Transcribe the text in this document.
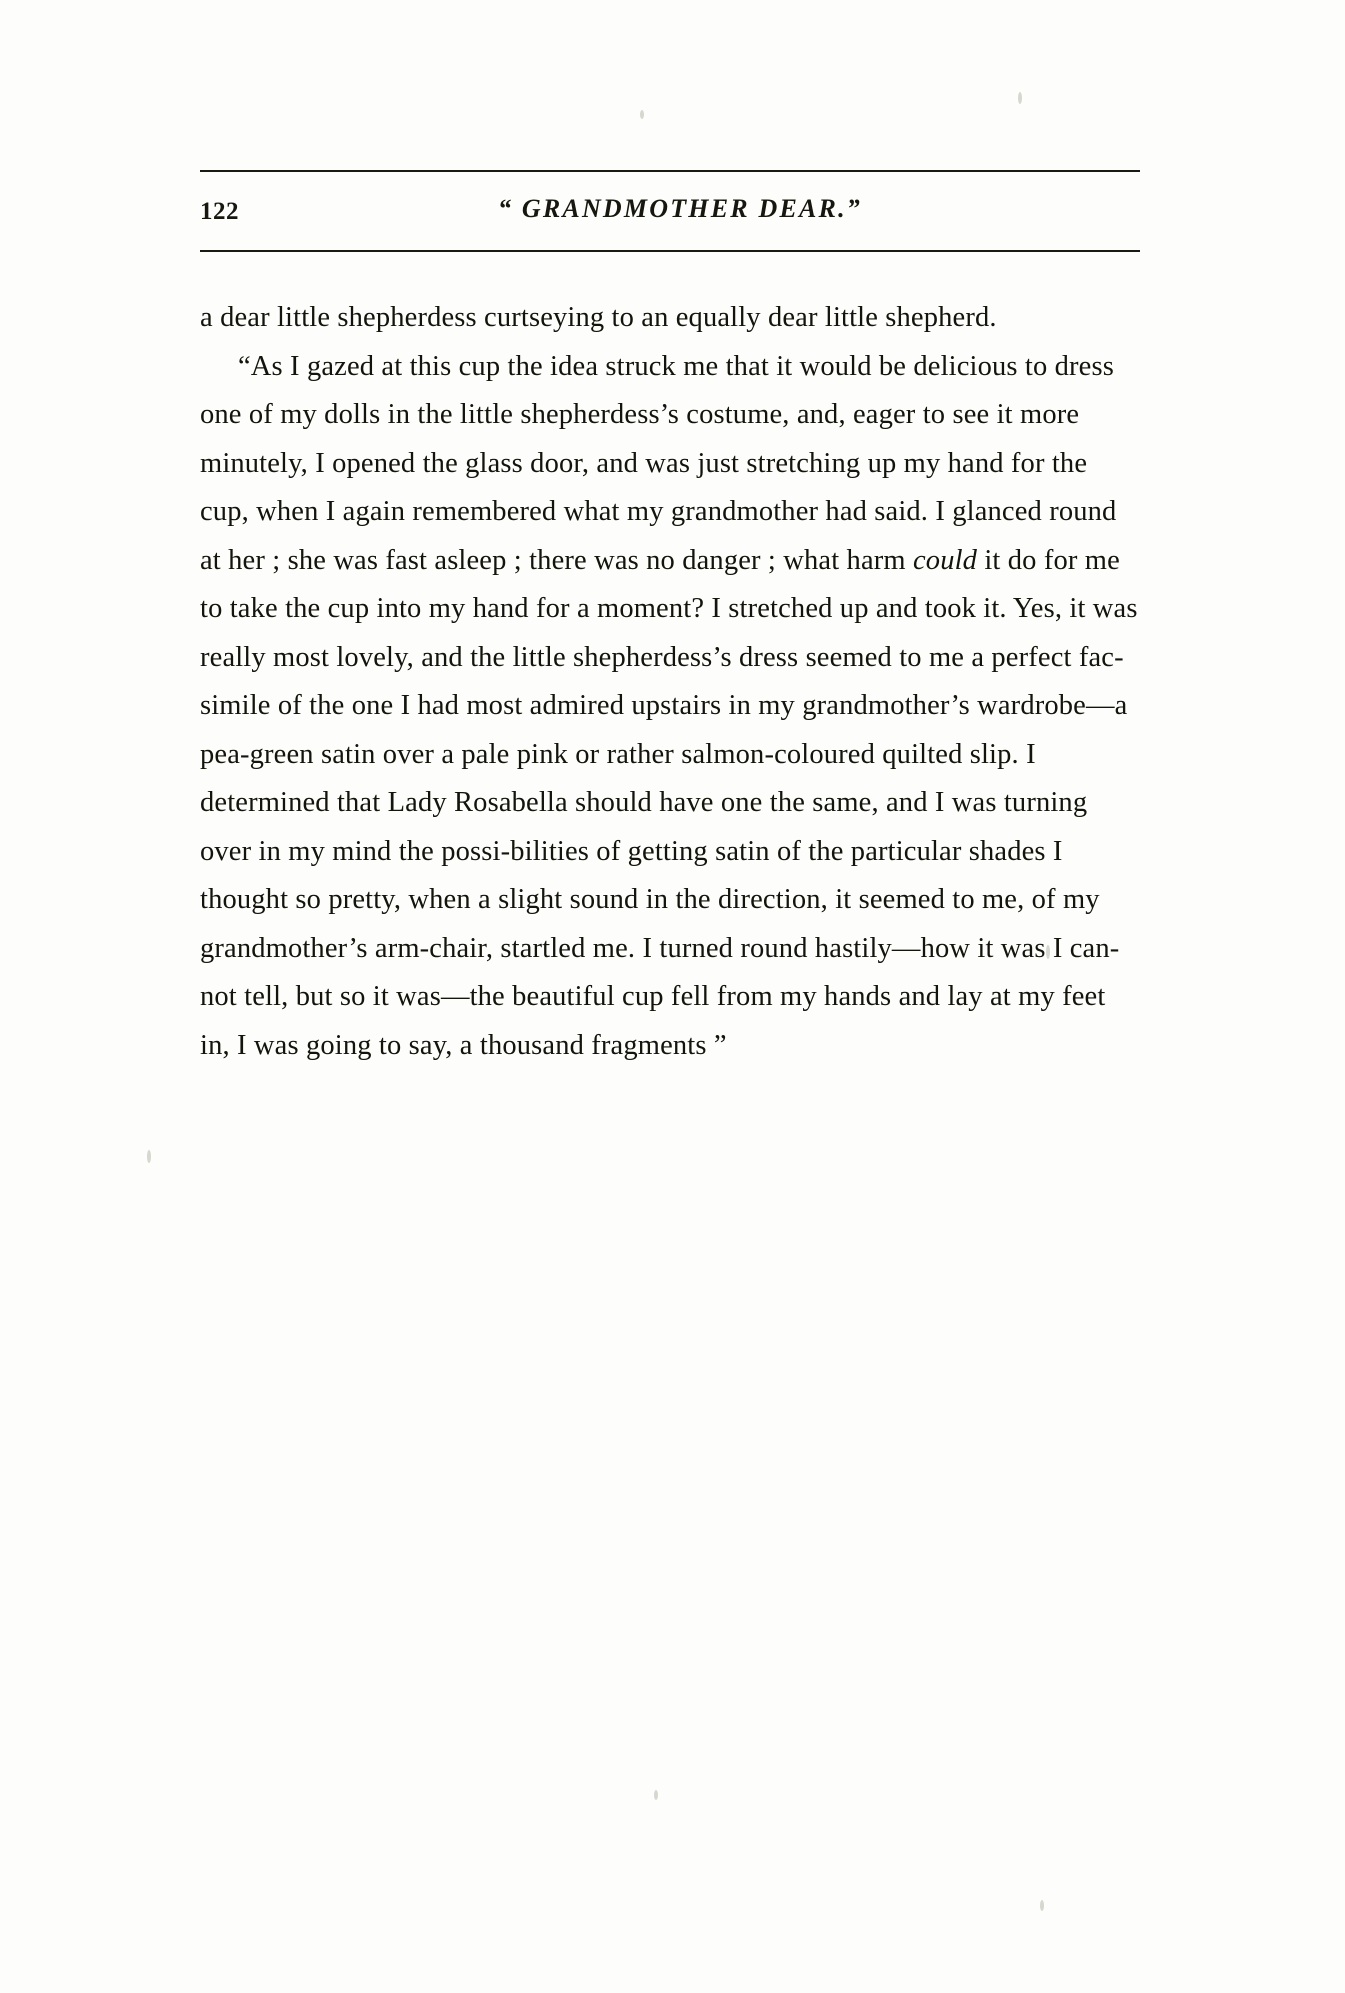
122	“ GRANDMOTHER DEAR.”

a dear little shepherdess curtseying to an equally dear little shepherd.

“As I gazed at this cup the idea struck me that it would be delicious to dress one of my dolls in the little shepherdess’s costume, and, eager to see it more minutely, I opened the glass door, and was just stretching up my hand for the cup, when I again remembered what my grandmother had said. I glanced round at her ; she was fast asleep ; there was no danger ; what harm could it do for me to take the cup into my hand for a moment? I stretched up and took it. Yes, it was really most lovely, and the little shepherdess’s dress seemed to me a perfect fac-simile of the one I had most admired upstairs in my grandmother’s wardrobe—a pea-green satin over a pale pink or rather salmon-coloured quilted slip. I determined that Lady Rosabella should have one the same, and I was turning over in my mind the possi-bilities of getting satin of the particular shades I thought so pretty, when a slight sound in the direction, it seemed to me, of my grandmother’s arm-chair, startled me. I turned round hastily—how it was I can-not tell, but so it was—the beautiful cup fell from my hands and lay at my feet in, I was going to say, a thousand fragments ”
